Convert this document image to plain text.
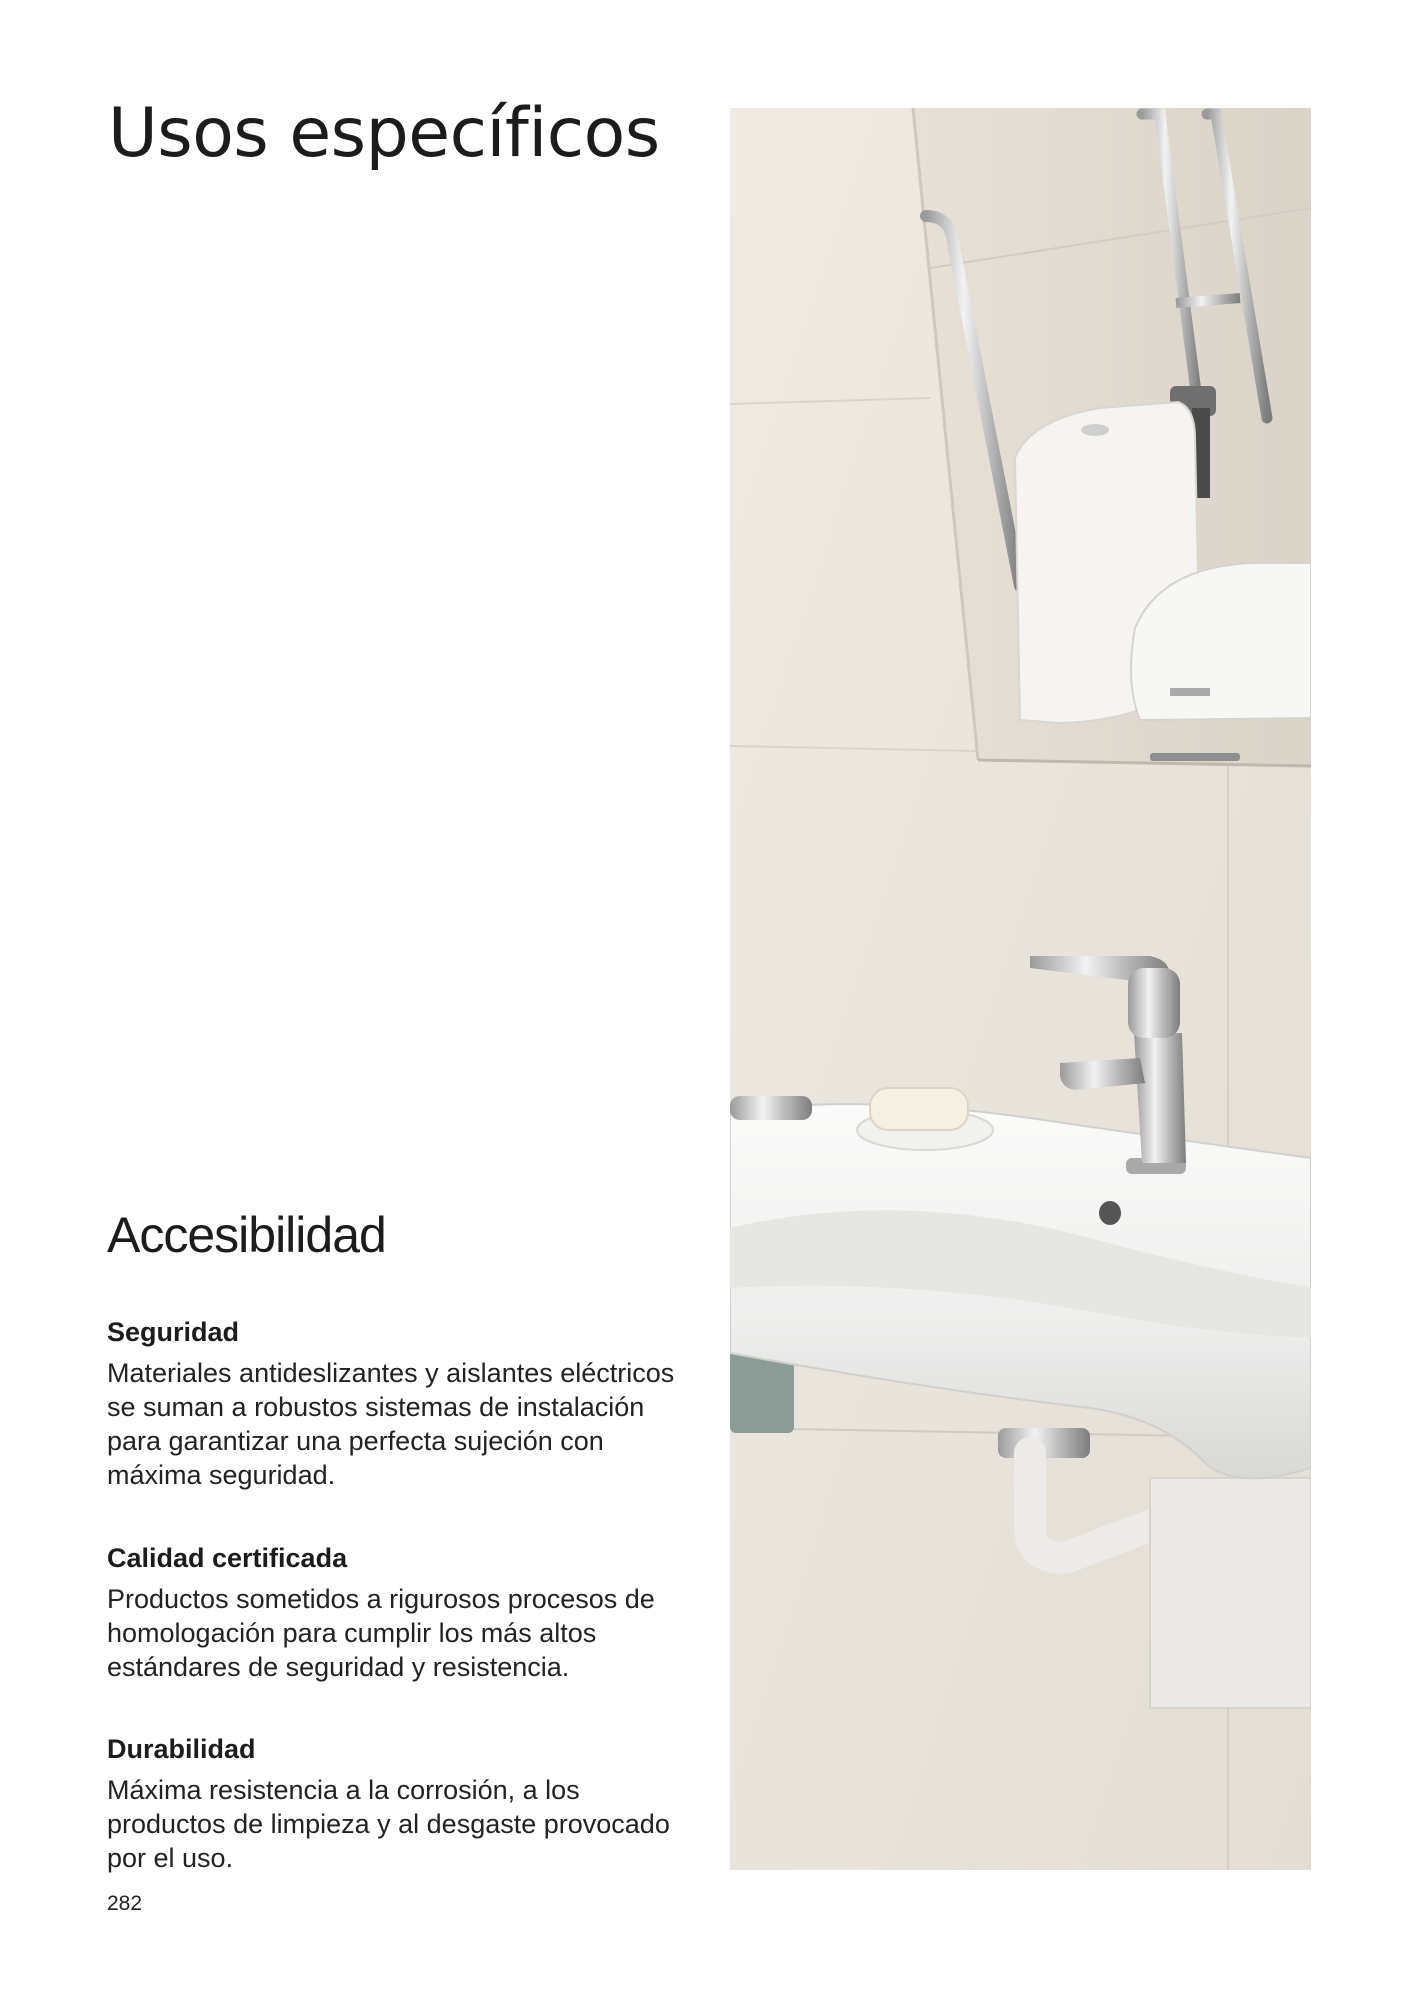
Usos específicos
Accesibilidad
Seguridad

Materiales antideslizantes y aislantes eléctricos se suman a robustos sistemas de instalación para garantizar una perfecta sujeción con máxima seguridad.

Calidad certificada

Productos sometidos a rigurosos procesos de homologación para cumplir los más altos estándares de seguridad y resistencia.

Durabilidad

Máxima resistencia a la corrosión, a los productos de limpieza y al desgaste provocado por el uso.

282
